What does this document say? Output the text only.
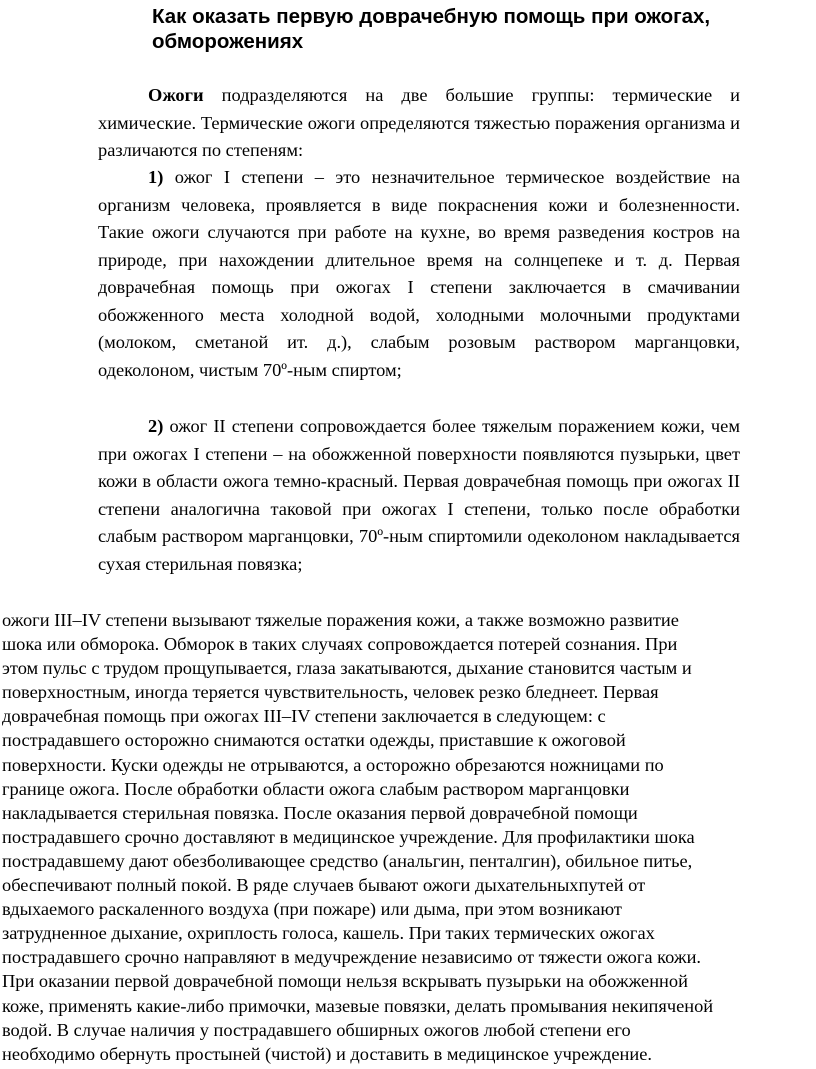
Как оказать первую доврачебную помощь при ожогах, обморожениях

Ожоги подразделяются на две большие группы: термические и химические. Термические ожоги определяются тяжестью поражения организма и различаются по степеням:

1) ожог I степени – это незначительное термическое воздействие на организм человека, проявляется в виде покраснения кожи и болезненности. Такие ожоги случаются при работе на кухне, во время разведения костров на природе, при нахождении длительное время на солнцепеке и т. д. Первая доврачебная помощь при ожогах I степени заключается в смачивании обожженного места холодной водой, холодными молочными продуктами (молоком, сметаной ит. д.), слабым розовым раствором марганцовки, одеколоном, чистым 70º-ным спиртом;

2) ожог II степени сопровождается более тяжелым поражением кожи, чем при ожогах I степени – на обожженной поверхности появляются пузырьки, цвет кожи в области ожога темно-красный. Первая доврачебная помощь при ожогах II степени аналогична таковой при ожогах I степени, только после обработки слабым раствором марганцовки, 70º-ным спиртомили одеколоном накладывается сухая стерильная повязка;

ожоги III–IV степени вызывают тяжелые поражения кожи, а также возможно развитие
шока или обморока. Обморок в таких случаях сопровождается потерей сознания. При
этом пульс с трудом прощупывается, глаза закатываются, дыхание становится частым и
поверхностным, иногда теряется чувствительность, человек резко бледнеет. Первая
доврачебная помощь при ожогах III–IV степени заключается в следующем: с
пострадавшего осторожно снимаются остатки одежды, приставшие к ожоговой
поверхности. Куски одежды не отрываются, а осторожно обрезаются ножницами по
границе ожога. После обработки области ожога слабым раствором марганцовки
накладывается стерильная повязка. После оказания первой доврачебной помощи
пострадавшего срочно доставляют в медицинское учреждение. Для профилактики шока
пострадавшему дают обезболивающее средство (анальгин, пенталгин), обильное питье,
обеспечивают полный покой. В ряде случаев бывают ожоги дыхательныхпутей от
вдыхаемого раскаленного воздуха (при пожаре) или дыма, при этом возникают
затрудненное дыхание, охриплость голоса, кашель. При таких термических ожогах
пострадавшего срочно направляют в медучреждение независимо от тяжести ожога кожи.
При оказании первой доврачебной помощи нельзя вскрывать пузырьки на обожженной
коже, применять какие-либо примочки, мазевые повязки, делать промывания некипяченой
водой. В случае наличия у пострадавшего обширных ожогов любой степени его
необходимо обернуть простыней (чистой) и доставить в медицинское учреждение.
